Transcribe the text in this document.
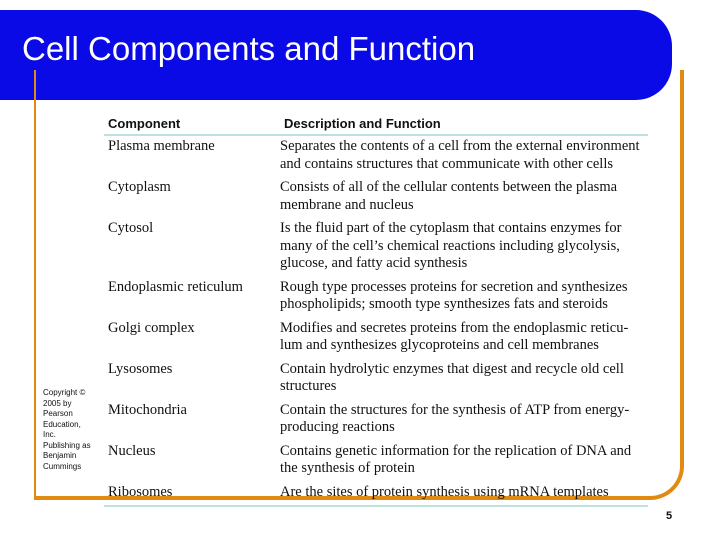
Cell Components and Function
Component	Description and Function
Plasma membrane	Separates the contents of a cell from the external environment
and contains structures that communicate with other cells
Cytoplasm	Consists of all of the cellular contents between the plasma
membrane and nucleus
Cytosol	Is the fluid part of the cytoplasm that contains enzymes for
many of the cell’s chemical reactions including glycolysis,
glucose, and fatty acid synthesis
Endoplasmic reticulum	Rough type processes proteins for secretion and synthesizes
phospholipids; smooth type synthesizes fats and steroids
Golgi complex	Modifies and secretes proteins from the endoplasmic reticu-
lum and synthesizes glycoproteins and cell membranes
Lysosomes	Contain hydrolytic enzymes that digest and recycle old cell
structures
Mitochondria	Contain the structures for the synthesis of ATP from energy-
producing reactions
Nucleus	Contains genetic information for the replication of DNA and
the synthesis of protein
Ribosomes	Are the sites of protein synthesis using mRNA templates
Copyright © 2005 by Pearson Education, Inc. Publishing as Benjamin Cummings
5
